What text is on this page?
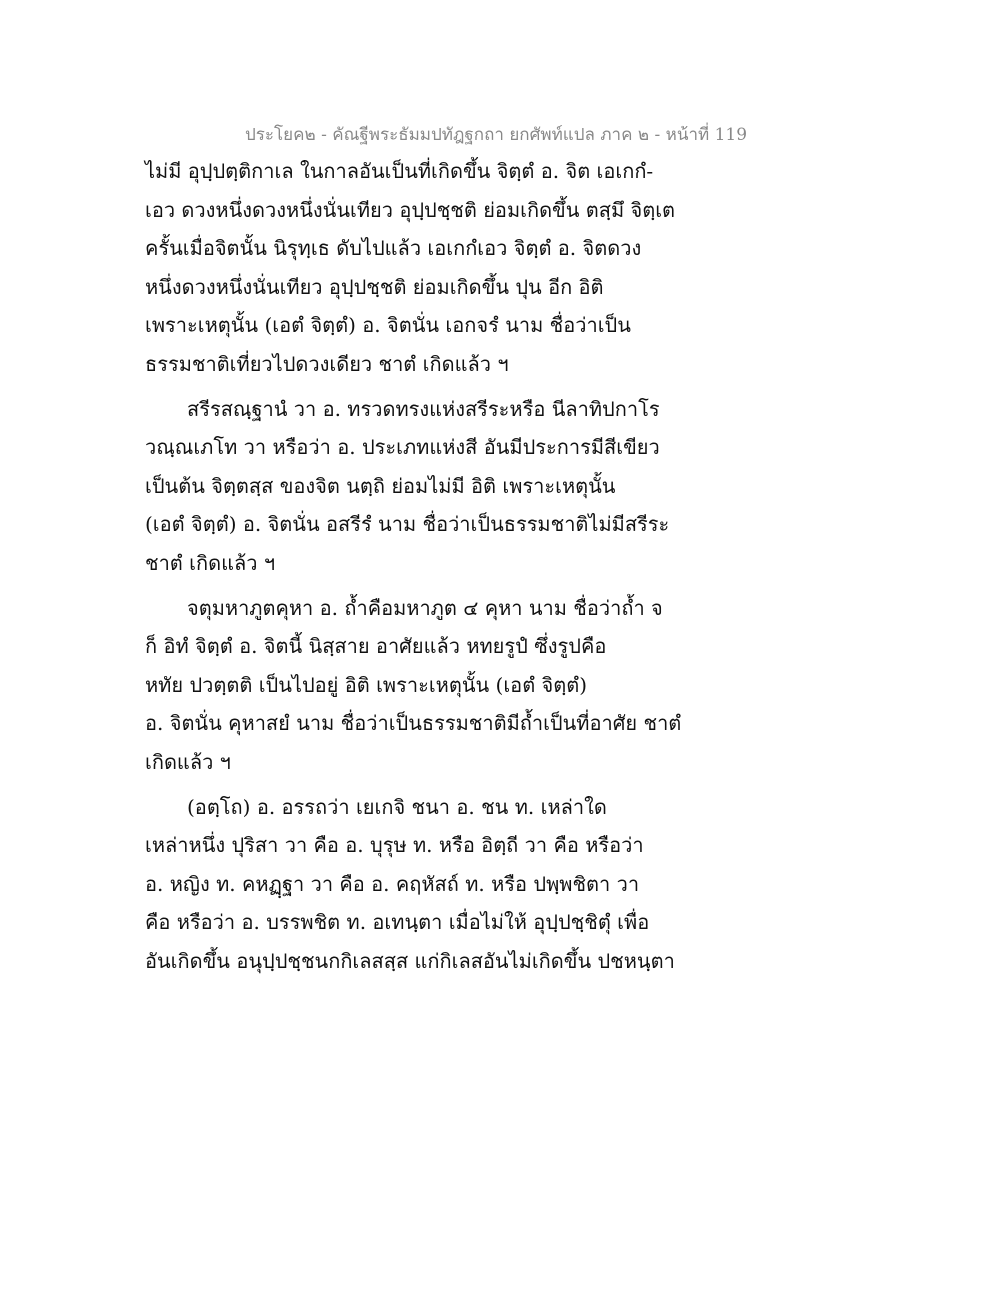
ประโยค๒ - คัณฐีพระธัมมปทัฎฐกถา ยกศัพท์แปล ภาค ๒ - หน้าที่ 119
ไม่มี อุปฺปตฺติกาเล ในกาลอันเป็นที่เกิดขึ้น จิตฺตํ อ. จิต เอเกกํ-
เอว ดวงหนึ่งดวงหนึ่งนั่นเทียว อุปฺปชฺชติ ย่อมเกิดขึ้น ตสฺมึ จิตฺเต
ครั้นเมื่อจิตนั้น นิรุทฺเธ ดับไปแล้ว เอเกกํเอว จิตฺตํ อ. จิตดวง
หนึ่งดวงหนึ่งนั่นเทียว อุปฺปชฺชติ ย่อมเกิดขึ้น ปุน อีก อิติ
เพราะเหตุนั้น (เอตํ จิตฺตํ) อ. จิตนั่น เอกจรํ นาม ชื่อว่าเป็น
ธรรมชาติเที่ยวไปดวงเดียว ชาตํ เกิดแล้ว ฯ
สรีรสณฺฐานํ วา อ. ทรวดทรงแห่งสรีระหรือ นีลาทิปกาโร
วณฺณเภโท วา หรือว่า อ. ประเภทแห่งสี อันมีประการมีสีเขียว
เป็นต้น จิตฺตสฺส ของจิต นตฺถิ ย่อมไม่มี อิติ เพราะเหตุนั้น
(เอตํ จิตฺตํ) อ. จิตนั่น อสรีรํ นาม ชื่อว่าเป็นธรรมชาติไม่มีสรีระ
ชาตํ เกิดแล้ว ฯ
จตุมหาภูตคุหา อ. ถ้ำคือมหาภูต ๔ คุหา นาม ชื่อว่าถ้ำ จ
ก็ อิทํ จิตฺตํ อ. จิตนี้ นิสฺสาย อาศัยแล้ว หทยรูปํ ซึ่งรูปคือ
หทัย ปวตฺตติ เป็นไปอยู่ อิติ เพราะเหตุนั้น (เอตํ จิตฺตํ)
อ. จิตนั่น คุหาสยํ นาม ชื่อว่าเป็นธรรมชาติมีถ้ำเป็นที่อาศัย ชาตํ
เกิดแล้ว ฯ
(อตฺโถ) อ. อรรถว่า เยเกจิ ชนา อ. ชน ท. เหล่าใด
เหล่าหนึ่ง ปุริสา วา คือ อ. บุรุษ ท. หรือ อิตฺถี วา คือ หรือว่า
อ. หญิง ท. คหฏฺฐา วา คือ อ. คฤหัสถ์ ท. หรือ ปพฺพชิตา วา
คือ หรือว่า อ. บรรพชิต ท. อเทนฺตา เมื่อไม่ให้ อุปฺปชฺชิตุํ เพื่อ
อันเกิดขึ้น อนุปฺปชฺชนกกิเลสสฺส แก่กิเลสอันไม่เกิดขึ้น ปชหนฺตา
